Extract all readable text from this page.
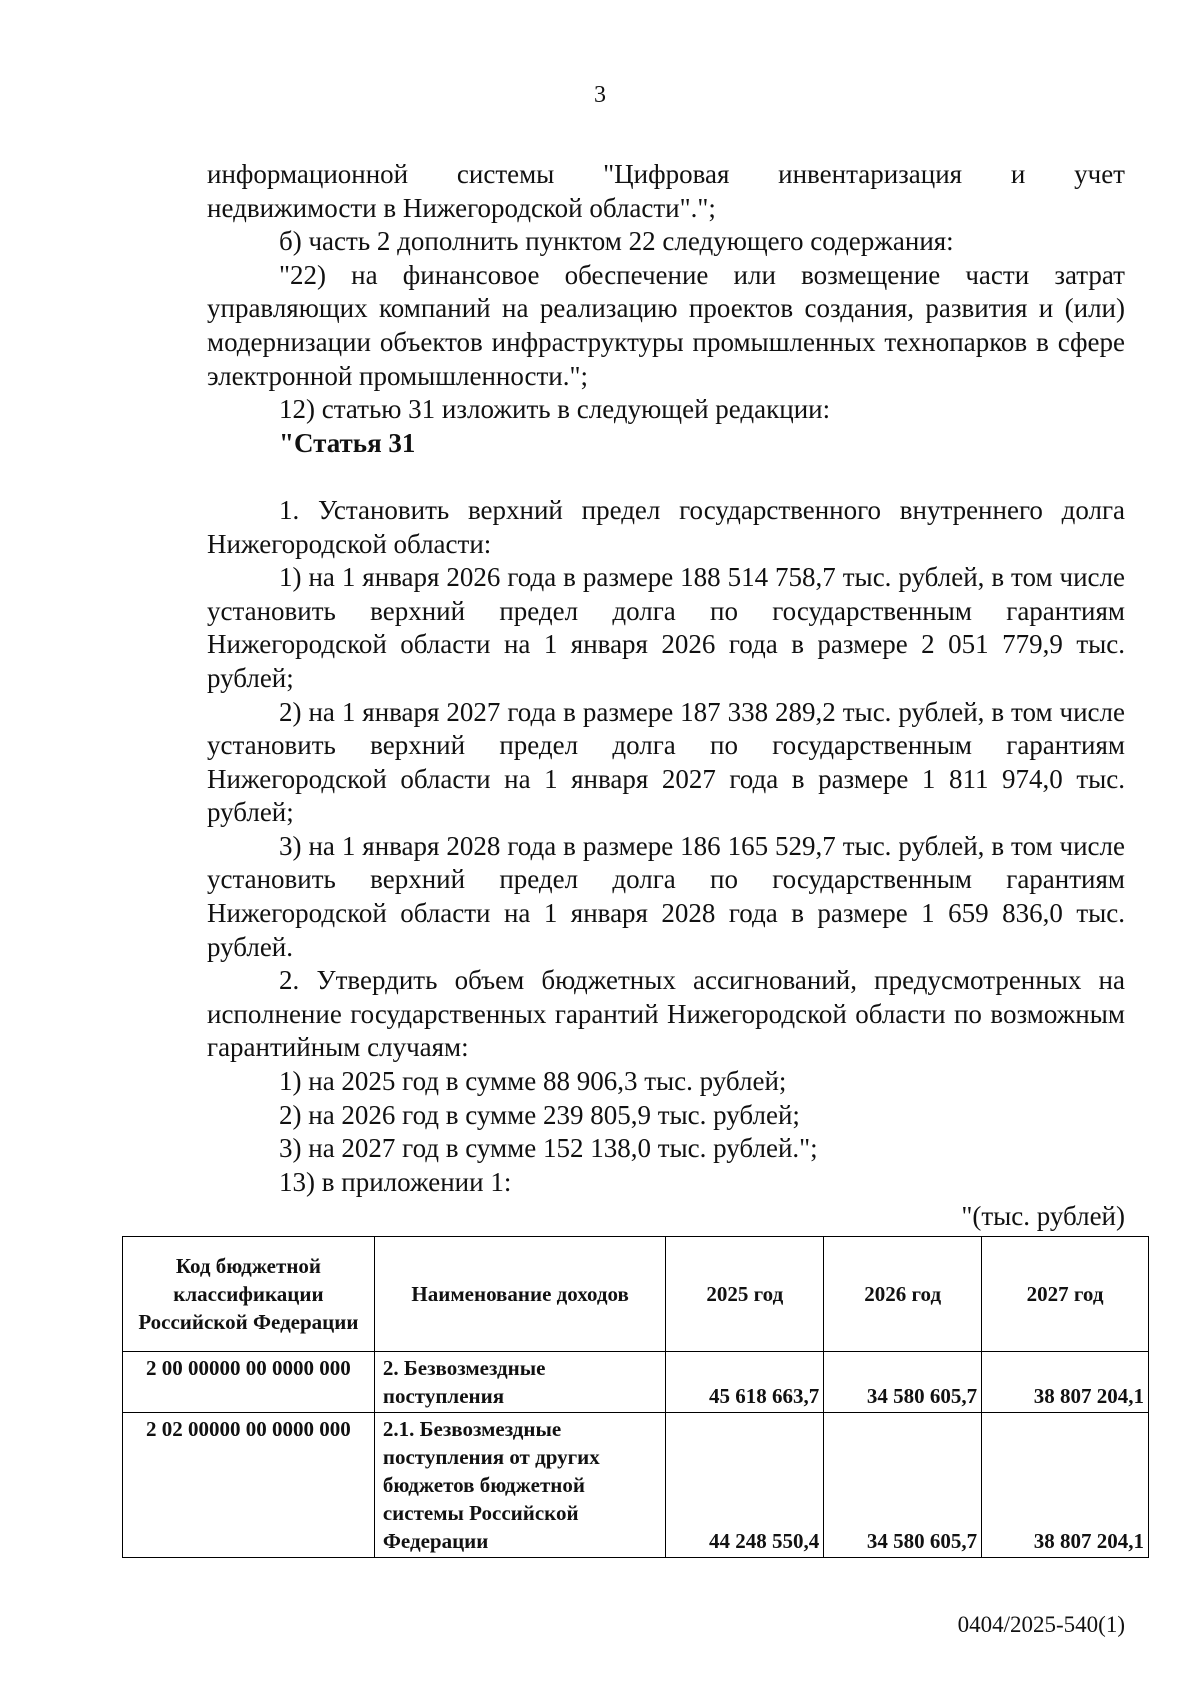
3

информационной системы "Цифровая инвентаризация и учет

недвижимости в Нижегородской области".";

б) часть 2 дополнить пунктом 22 следующего содержания:

"22) на финансовое обеспечение или возмещение части затрат управляющих компаний на реализацию проектов создания, развития и (или) модернизации объектов инфраструктуры промышленных технопарков в сфере электронной промышленности.";

12) статью 31 изложить в следующей редакции:

"Статья 31

1. Установить верхний предел государственного внутреннего долга Нижегородской области:

1) на 1 января 2026 года в размере 188 514 758,7 тыс. рублей, в том числе установить верхний предел долга по государственным гарантиям Нижегородской области на 1 января 2026 года в размере 2 051 779,9 тыс. рублей;

2) на 1 января 2027 года в размере 187 338 289,2 тыс. рублей, в том числе установить верхний предел долга по государственным гарантиям Нижегородской области на 1 января 2027 года в размере 1 811 974,0 тыс. рублей;

3) на 1 января 2028 года в размере 186 165 529,7 тыс. рублей, в том числе установить верхний предел долга по государственным гарантиям Нижегородской области на 1 января 2028 года в размере 1 659 836,0 тыс. рублей.

2. Утвердить объем бюджетных ассигнований, предусмотренных на исполнение государственных гарантий Нижегородской области по возможным гарантийным случаям:

1) на 2025 год в сумме 88 906,3 тыс. рублей;

2) на 2026 год в сумме 239 805,9 тыс. рублей;

3) на 2027 год в сумме 152 138,0 тыс. рублей.";

13) в приложении 1:

"(тыс. рублей)
Код бюджетной классификации Российской Федерации	Наименование доходов	2025 год	2026 год	2027 год
2 00 00000 00 0000 000	2. Безвозмездные поступления	45 618 663,7	34 580 605,7	38 807 204,1
2 02 00000 00 0000 000	2.1. Безвозмездные поступления от других бюджетов бюджетной системы Российской Федерации	44 248 550,4	34 580 605,7	38 807 204,1
0404/2025-540(1)
